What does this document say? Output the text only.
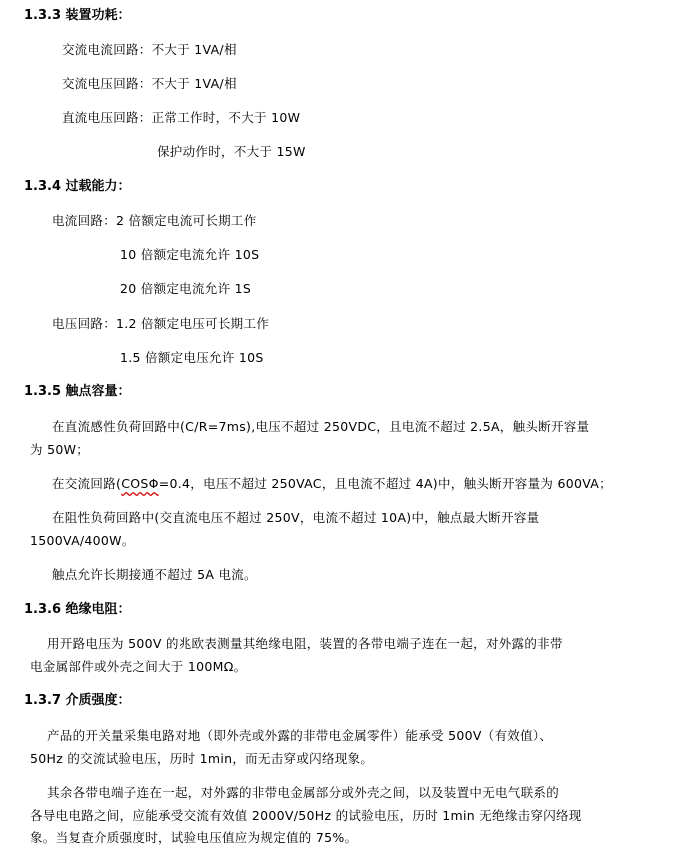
1.3.3 装置功耗：
交流电流回路：不大于 1VA/相
交流电压回路：不大于 1VA/相
直流电压回路：正常工作时，不大于 10W
保护动作时，不大于 15W
1.3.4 过载能力：
电流回路：2 倍额定电流可长期工作
10 倍额定电流允许 10S
20 倍额定电流允许 1S
电压回路：1.2 倍额定电压可长期工作
1.5 倍额定电压允许 10S
1.3.5 触点容量：
在直流感性负荷回路中(C/R=7ms),电压不超过 250VDC，且电流不超过 2.5A，触头断开容量
为 50W；
在交流回路(COSΦ=0.4，电压不超过 250VAC，且电流不超过 4A)中，触头断开容量为 600VA；
在阻性负荷回路中(交直流电压不超过 250V，电流不超过 10A)中，触点最大断开容量
1500VA/400W。
触点允许长期接通不超过 5A 电流。
1.3.6 绝缘电阻：
用开路电压为 500V 的兆欧表测量其绝缘电阻，装置的各带电端子连在一起，对外露的非带
电金属部件或外壳之间大于 100MΩ。
1.3.7 介质强度：
产品的开关量采集电路对地（即外壳或外露的非带电金属零件）能承受 500V（有效值）、
50Hz 的交流试验电压，历时 1min，而无击穿或闪络现象。
其余各带电端子连在一起，对外露的非带电金属部分或外壳之间，以及装置中无电气联系的
各导电电路之间，应能承受交流有效值 2000V/50Hz 的试验电压，历时 1min 无绝缘击穿闪络现
象。当复查介质强度时，试验电压值应为规定值的 75%。
